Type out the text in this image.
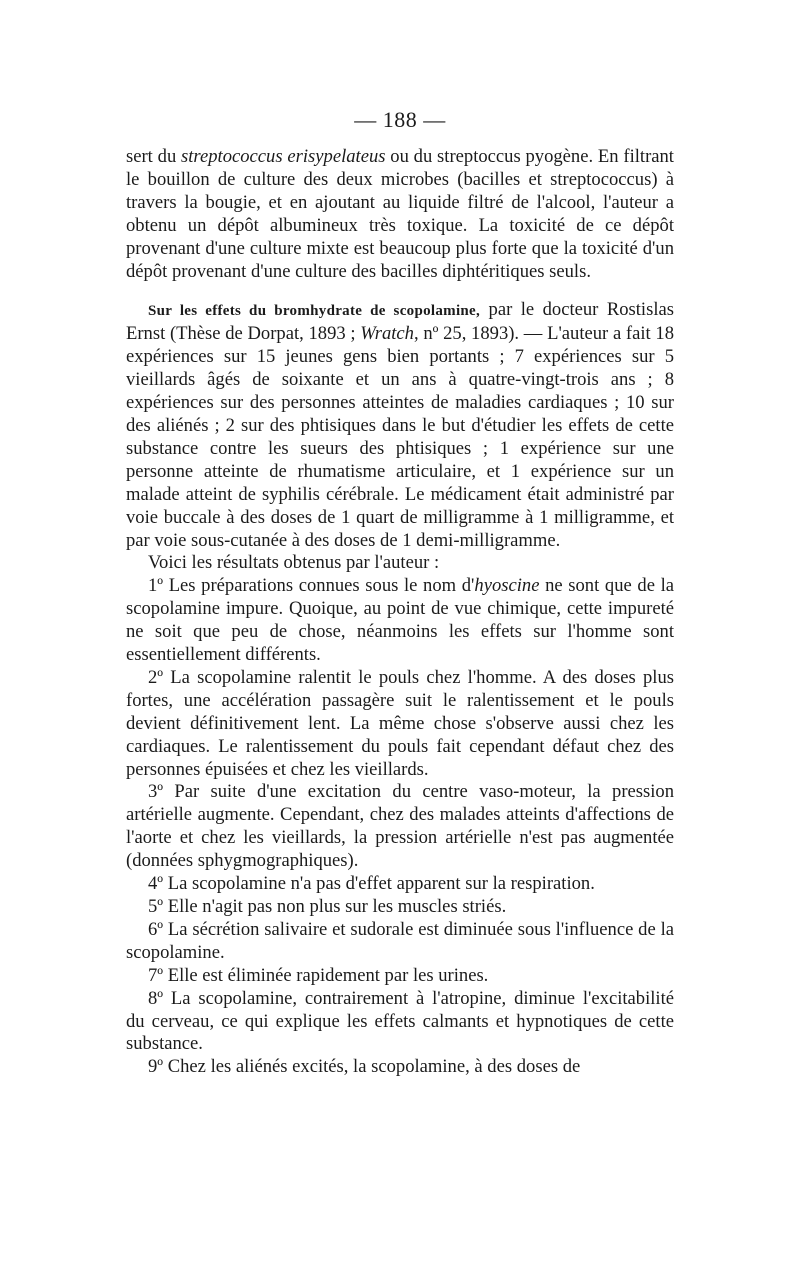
— 188 —

sert du streptococcus erisypelateus ou du streptoccus pyogène. En filtrant le bouillon de culture des deux microbes (bacilles et streptococcus) à travers la bougie, et en ajoutant au liquide filtré de l'alcool, l'auteur a obtenu un dépôt albumineux très toxique. La toxicité de ce dépôt provenant d'une culture mixte est beaucoup plus forte que la toxicité d'un dépôt provenant d'une culture des bacilles diphtéritiques seuls.

Sur les effets du bromhydrate de scopolamine, par le docteur Rostislas Ernst (Thèse de Dorpat, 1893 ; Wratch, nº 25, 1893). — L'auteur a fait 18 expériences sur 15 jeunes gens bien portants ; 7 expériences sur 5 vieillards âgés de soixante et un ans à quatre-vingt-trois ans ; 8 expériences sur des personnes atteintes de maladies cardiaques ; 10 sur des aliénés ; 2 sur des phtisiques dans le but d'étudier les effets de cette substance contre les sueurs des phtisiques ; 1 expérience sur une personne atteinte de rhumatisme articulaire, et 1 expérience sur un malade atteint de syphilis cérébrale. Le médicament était administré par voie buccale à des doses de 1 quart de milligramme à 1 milligramme, et par voie sous-cutanée à des doses de 1 demi-milligramme.

Voici les résultats obtenus par l'auteur :

1º Les préparations connues sous le nom d'hyoscine ne sont que de la scopolamine impure. Quoique, au point de vue chimique, cette impureté ne soit que peu de chose, néanmoins les effets sur l'homme sont essentiellement différents.

2º La scopolamine ralentit le pouls chez l'homme. A des doses plus fortes, une accélération passagère suit le ralentissement et le pouls devient définitivement lent. La même chose s'observe aussi chez les cardiaques. Le ralentissement du pouls fait cependant défaut chez des personnes épuisées et chez les vieillards.

3º Par suite d'une excitation du centre vaso-moteur, la pression artérielle augmente. Cependant, chez des malades atteints d'affections de l'aorte et chez les vieillards, la pression artérielle n'est pas augmentée (données sphygmographiques).

4º La scopolamine n'a pas d'effet apparent sur la respiration.

5º Elle n'agit pas non plus sur les muscles striés.

6º La sécrétion salivaire et sudorale est diminuée sous l'influence de la scopolamine.

7º Elle est éliminée rapidement par les urines.

8º La scopolamine, contrairement à l'atropine, diminue l'excitabilité du cerveau, ce qui explique les effets calmants et hypnotiques de cette substance.

9º Chez les aliénés excités, la scopolamine, à des doses de
